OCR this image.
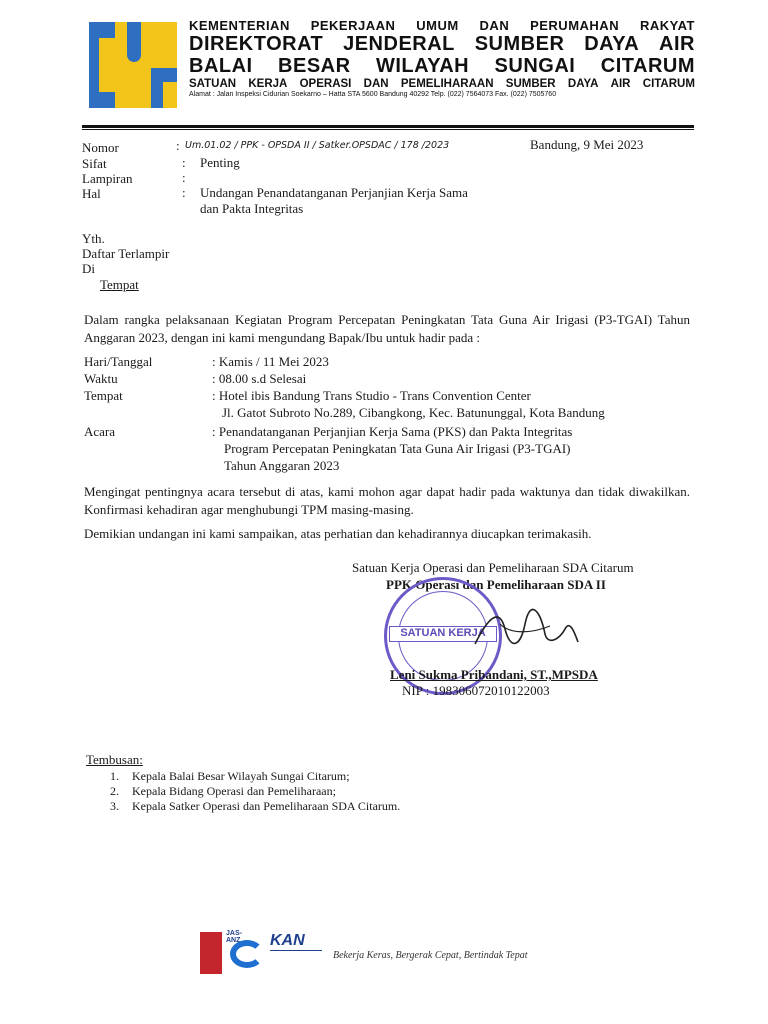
KEMENTERIAN PEKERJAAN UMUM DAN PERUMAHAN RAKYAT
DIREKTORAT JENDERAL SUMBER DAYA AIR
BALAI BESAR WILAYAH SUNGAI CITARUM
SATUAN KERJA OPERASI DAN PEMELIHARAAN SUMBER DAYA AIR CITARUM
Alamat : Jalan Inspeksi Cidurian Soekarno – Hatta STA 5600 Bandung 40292 Telp. (022) 7564073 Fax. (022) 7505760
Nomor	: Um.01.02 / PPK - OPSDA II / Satker.OPSDAC / 178 /2023	Bandung, 9 Mei 2023
Sifat	: Penting
Lampiran	:
Hal	: Undangan Penandatanganan Perjanjian Kerja Sama
dan Pakta Integritas
Yth.
Daftar Terlampir
Di
Tempat
Dalam rangka pelaksanaan Kegiatan Program Percepatan Peningkatan Tata Guna Air Irigasi (P3-TGAI) Tahun Anggaran 2023, dengan ini kami mengundang Bapak/Ibu untuk hadir pada :
Hari/Tanggal	: Kamis / 11 Mei 2023
Waktu	: 08.00 s.d Selesai
Tempat	: Hotel ibis Bandung Trans Studio - Trans Convention Center
Jl. Gatot Subroto No.289, Cibangkong, Kec. Batununggal, Kota Bandung
Acara	: Penandatanganan Perjanjian Kerja Sama (PKS) dan Pakta Integritas
Program Percepatan Peningkatan Tata Guna Air Irigasi (P3-TGAI)
Tahun Anggaran 2023
Mengingat pentingnya acara tersebut di atas, kami mohon agar dapat hadir pada waktunya dan tidak diwakilkan. Konfirmasi kehadiran agar menghubungi TPM masing-masing.
Demikian undangan ini kami sampaikan, atas perhatian dan kehadirannya diucapkan terimakasih.
Satuan Kerja Operasi dan Pemeliharaan SDA Citarum
PPK Operasi dan Pemeliharaan SDA II
SATUAN KERJA
Leni Sukma Pribandani, ST.,MPSDA
NIP : 198306072010122003
Tembusan:
1. Kepala Balai Besar Wilayah Sungai Citarum;
2. Kepala Bidang Operasi dan Pemeliharaan;
3. Kepala Satker Operasi dan Pemeliharaan SDA Citarum.
JAS-ANZ KAN
Bekerja Keras, Bergerak Cepat, Bertindak Tepat
